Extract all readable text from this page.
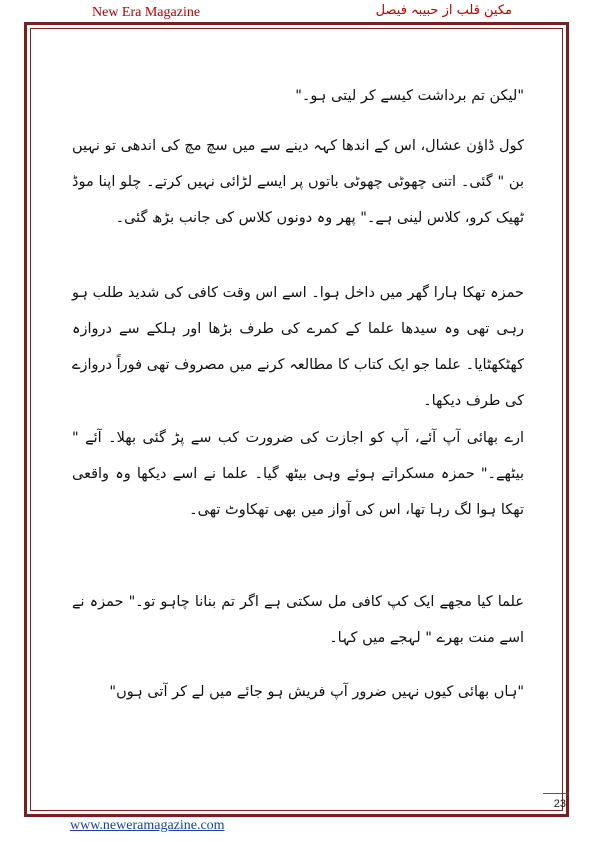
New Era Magazine	مکین قلب از حبیبہ فیصل

"لیکن تم برداشت کیسے کر لیتی ہو۔"

کول ڈاؤن عشال، اس کے اندھا کہہ دینے سے میں سچ مچ کی اندھی تو نہیں بن " گئی۔ اتنی چھوٹی چھوٹی باتوں پر ایسے لڑائی نہیں کرتے۔ چلو اپنا موڈ ٹھیک کرو، کلاس لینی ہے۔" پھر وہ دونوں کلاس کی جانب بڑھ گئی۔

حمزہ تھکا ہارا گھر میں داخل ہوا۔ اسے اس وقت کافی کی شدید طلب ہو رہی تھی وہ سیدھا علما کے کمرے کی طرف بڑھا اور ہلکے سے دروازہ کھٹکھٹایا۔ علما جو ایک کتاب کا مطالعہ کرنے میں مصروف تھی فوراً دروازے کی طرف دیکھا۔

ارے بھائی آپ آئے، آپ کو اجازت کی ضرورت کب سے پڑ گئی بھلا۔ آئے " بیٹھے۔" حمزہ مسکراتے ہوئے وہی بیٹھ گیا۔ علما نے اسے دیکھا وہ واقعی تھکا ہوا لگ رہا تھا، اس کی آواز میں بھی تھکاوٹ تھی۔

علما کیا مجھے ایک کپ کافی مل سکتی ہے اگر تم بنانا چاہو تو۔" حمزہ نے اسے منت بھرے " لہجے میں کہا۔

"ہاں بھائی کیوں نہیں ضرور آپ فریش ہو جائے میں لے کر آتی ہوں"

23
www.neweramagazine.com
